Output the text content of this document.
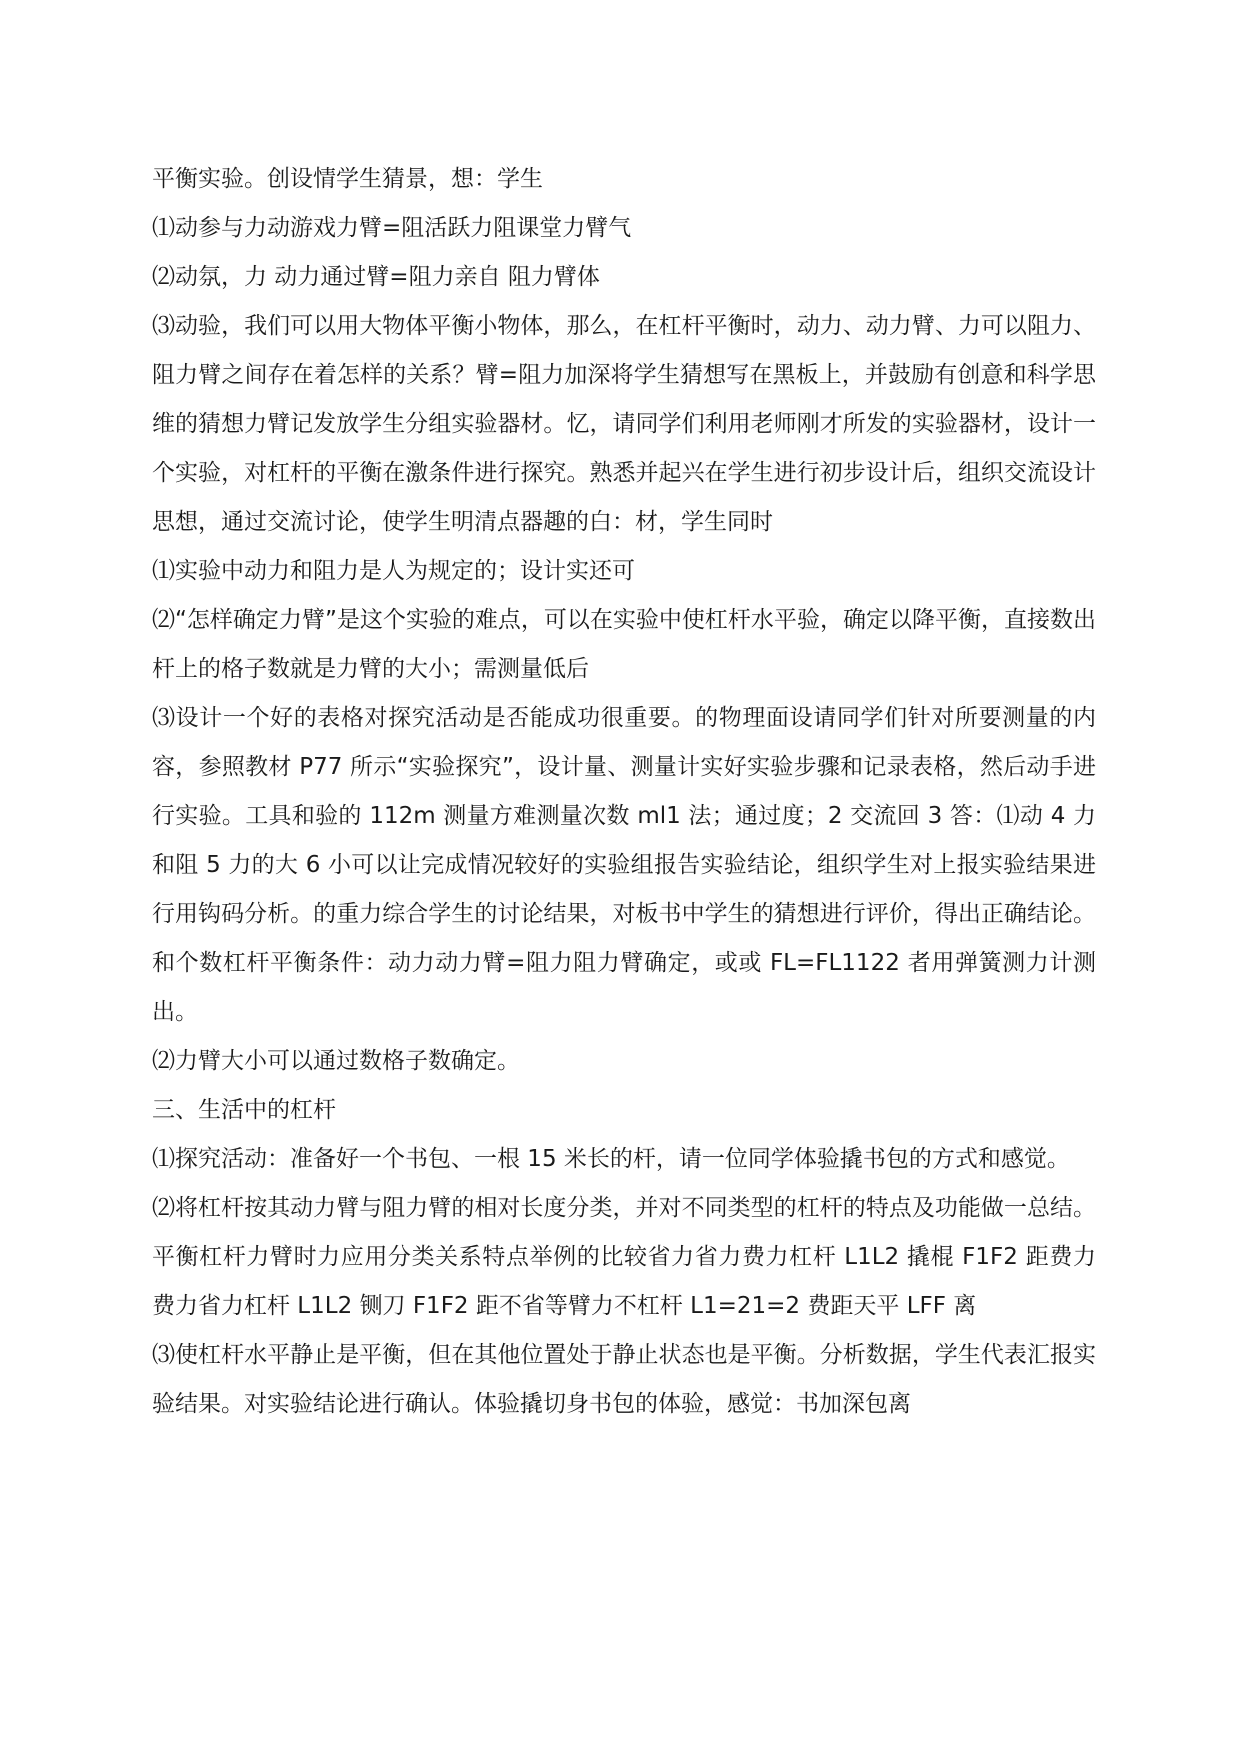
平衡实验。创设情学生猜景，想：学生

⑴动参与力动游戏力臂=阻活跃力阻课堂力臂气

⑵动氛，力 动力通过臂=阻力亲自 阻力臂体

⑶动验，我们可以用大物体平衡小物体，那么，在杠杆平衡时，动力、动力臂、力可以阻力、阻力臂之间存在着怎样的关系？臂=阻力加深将学生猜想写在黑板上，并鼓励有创意和科学思维的猜想力臂记发放学生分组实验器材。忆，请同学们利用老师刚才所发的实验器材，设计一个实验，对杠杆的平衡在激条件进行探究。熟悉并起兴在学生进行初步设计后，组织交流设计思想，通过交流讨论，使学生明清点器趣的白：材，学生同时

⑴实验中动力和阻力是人为规定的；设计实还可

⑵“怎样确定力臂”是这个实验的难点，可以在实验中使杠杆水平验，确定以降平衡，直接数出杆上的格子数就是力臂的大小；需测量低后

⑶设计一个好的表格对探究活动是否能成功很重要。的物理面设请同学们针对所要测量的内容，参照教材 P77 所示“实验探究”，设计量、测量计实好实验步骤和记录表格，然后动手进行实验。工具和验的 112m 测量方难测量次数 ml1 法；通过度；2 交流回 3 答：⑴动 4 力和阻 5 力的大 6 小可以让完成情况较好的实验组报告实验结论，组织学生对上报实验结果进行用钩码分析。的重力综合学生的讨论结果，对板书中学生的猜想进行评价，得出正确结论。和个数杠杆平衡条件：动力动力臂=阻力阻力臂确定，或或 FL=FL1122 者用弹簧测力计测出。

⑵力臂大小可以通过数格子数确定。

三、生活中的杠杆

⑴探究活动：准备好一个书包、一根 15 米长的杆，请一位同学体验撬书包的方式和感觉。

⑵将杠杆按其动力臂与阻力臂的相对长度分类，并对不同类型的杠杆的特点及功能做一总结。平衡杠杆力臂时力应用分类关系特点举例的比较省力省力费力杠杆 L1L2 撬棍 F1F2 距费力费力省力杠杆 L1L2 铡刀 F1F2 距不省等臂力不杠杆 L1=21=2 费距天平 LFF 离

⑶使杠杆水平静止是平衡，但在其他位置处于静止状态也是平衡。分析数据，学生代表汇报实验结果。对实验结论进行确认。体验撬切身书包的体验，感觉：书加深包离
